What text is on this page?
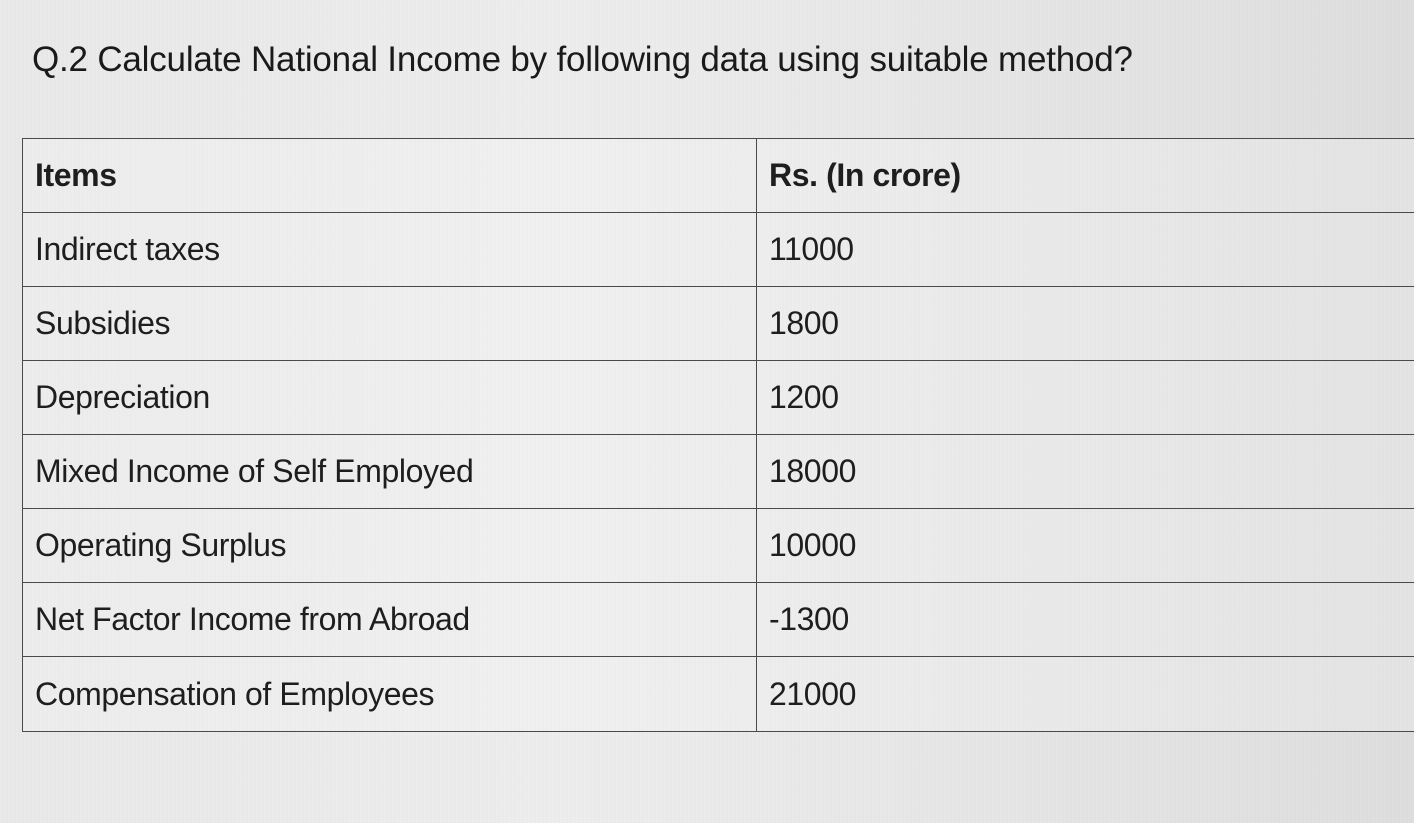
Q.2 Calculate National Income by following data using suitable method?
Items	Rs. (In crore)
Indirect taxes	11000
Subsidies	1800
Depreciation	1200
Mixed Income of Self Employed	18000
Operating Surplus	10000
Net Factor Income from Abroad	-1300
Compensation of Employees	21000
